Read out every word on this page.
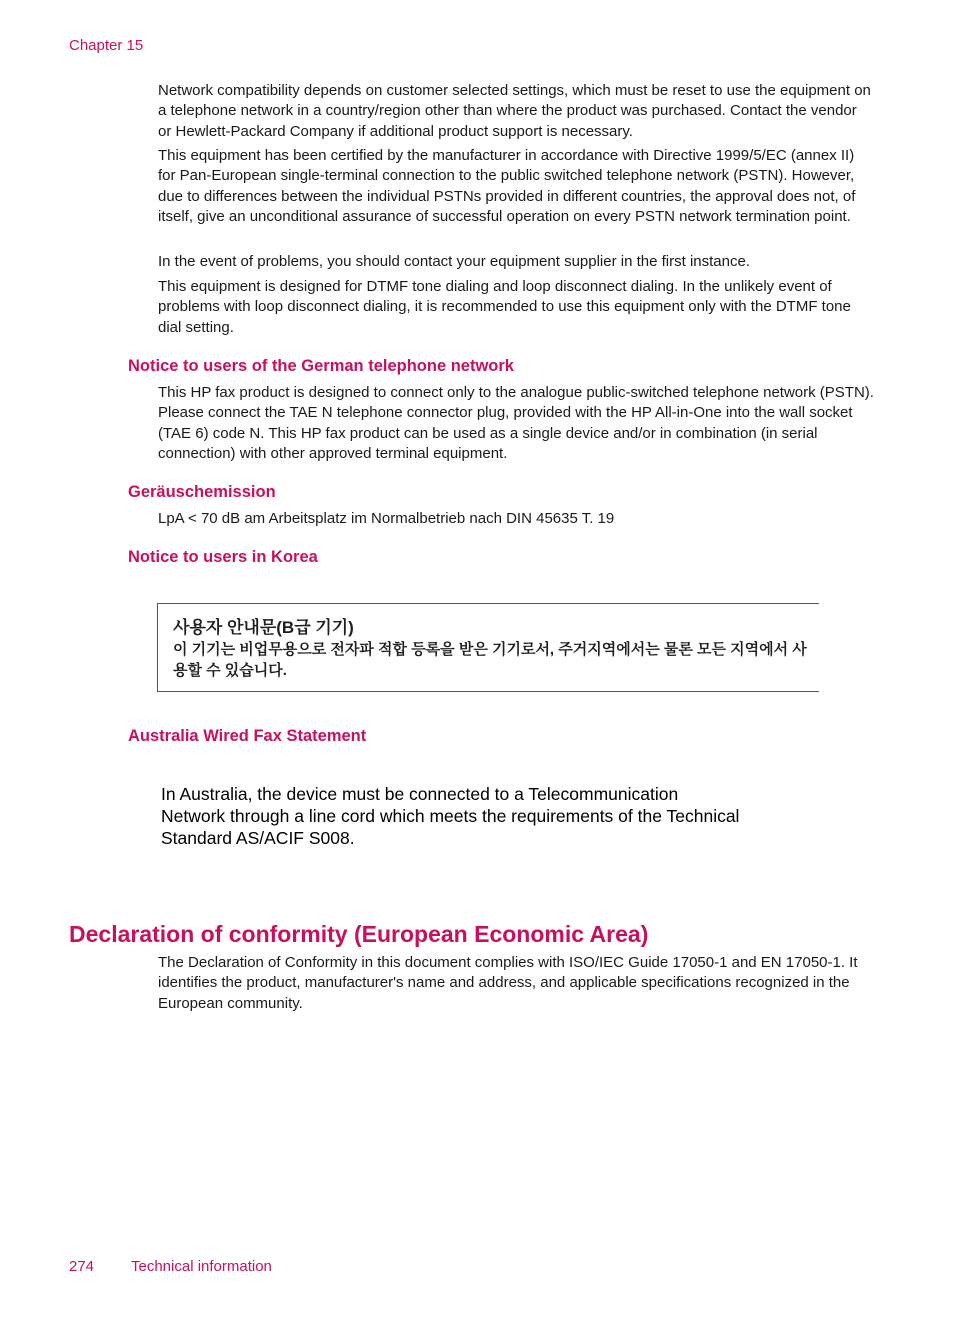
Chapter 15

Network compatibility depends on customer selected settings, which must be reset to use the equipment on a telephone network in a country/region other than where the product was purchased. Contact the vendor or Hewlett-Packard Company if additional product support is necessary.

This equipment has been certified by the manufacturer in accordance with Directive 1999/5/EC (annex II) for Pan-European single-terminal connection to the public switched telephone network (PSTN). However, due to differences between the individual PSTNs provided in different countries, the approval does not, of itself, give an unconditional assurance of successful operation on every PSTN network termination point.

In the event of problems, you should contact your equipment supplier in the first instance.

This equipment is designed for DTMF tone dialing and loop disconnect dialing. In the unlikely event of problems with loop disconnect dialing, it is recommended to use this equipment only with the DTMF tone dial setting.

Notice to users of the German telephone network

This HP fax product is designed to connect only to the analogue public-switched telephone network (PSTN). Please connect the TAE N telephone connector plug, provided with the HP All-in-One into the wall socket (TAE 6) code N. This HP fax product can be used as a single device and/or in combination (in serial connection) with other approved terminal equipment.

Geräuschemission

LpA < 70 dB am Arbeitsplatz im Normalbetrieb nach DIN 45635 T. 19

Notice to users in Korea
사용자 안내문(B급 기기)
이 기기는 비업무용으로 전자파 적합 등록을 받은 기기로서, 주거지역에서는 물론 모든 지역에서 사용할 수 있습니다.
Australia Wired Fax Statement
In Australia, the device must be connected to a Telecommunication Network through a line cord which meets the requirements of the Technical Standard AS/ACIF S008.
Declaration of conformity (European Economic Area)

The Declaration of Conformity in this document complies with ISO/IEC Guide 17050-1 and EN 17050-1. It identifies the product, manufacturer's name and address, and applicable specifications recognized in the European community.

274 Technical information
